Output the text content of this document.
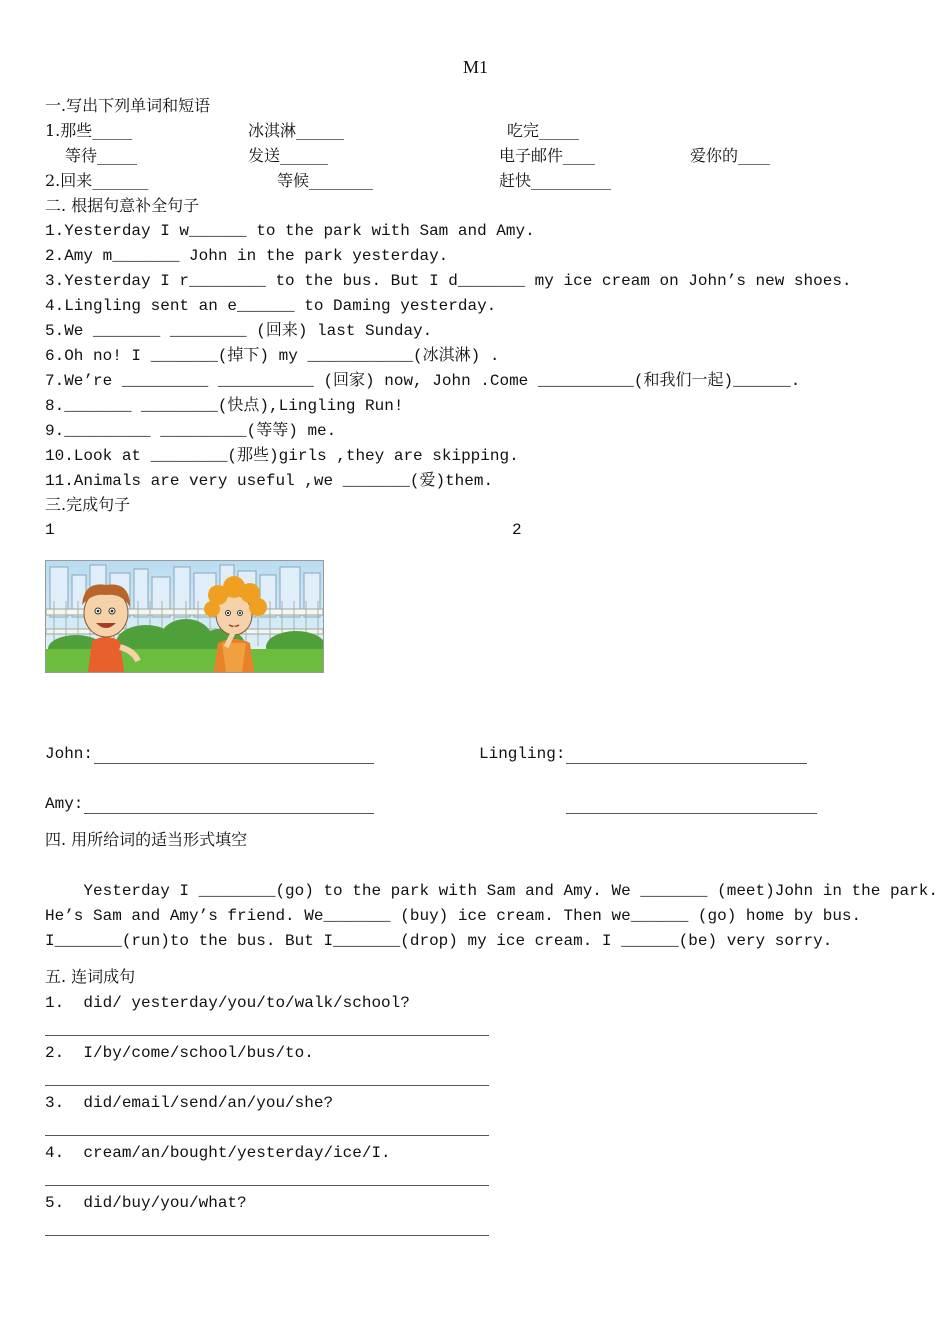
M1
一.写出下列单词和短语
1.那些_____	冰淇淋______	吃完_____
等待_____	发送______	电子邮件____	爱你的____
2.回来_______	等候________	赶快__________
二. 根据句意补全句子
1.Yesterday I w______ to the park with Sam and Amy.
2.Amy m_______ John in the park yesterday.
3.Yesterday I r________ to the bus. But I d_______ my ice cream on John’s new shoes.
4.Lingling sent an e______ to Daming yesterday.
5.We _______ ________ (回来) last Sunday.
6.Oh no! I _______(掉下) my ___________(冰淇淋) .
7.We’re _________ __________ (回家) now, John .Come __________(和我们一起)______.
8._______ ________(快点),Lingling Run!
9._________ _________(等等) me.
10.Look at ________(那些)girls ,they are skipping.
11.Animals are very useful ,we _______(爱)them.
三.完成句子
1	2
John:	Lingling:
Amy:
四. 用所给词的适当形式填空
Yesterday I ________(go) to the park with Sam and Amy. We _______ (meet)John in the park.
He’s Sam and Amy’s friend. We_______ (buy) ice cream. Then we______ (go) home by bus.
I_______(run)to the bus. But I_______(drop) my ice cream. I ______(be) very sorry.
五. 连词成句
1.  did/ yesterday/you/to/walk/school?
2.  I/by/come/school/bus/to.
3.  did/email/send/an/you/she?
4.  cream/an/bought/yesterday/ice/I.
5.  did/buy/you/what?
